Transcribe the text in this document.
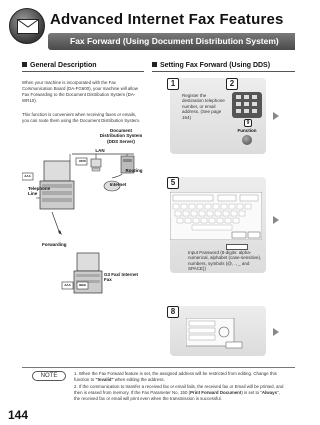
Advanced Internet Fax Features
Fax Forward (Using Document Distribution System)
General Description
When your machine is incorporated with the Fax Communication Board (DA-FG600), your machine will allow Fax Forwarding to the Document Distribution System (DA-WR10).
This function is convenient when receiving faxes or emails, you can route them using the Document Distribution System.
Document Distribution System (DDS Server)
LAN
Routing
Internet
Telephone Line
Forwarding
G3 Fax/ Internet Fax
DDD
AAA
AAA	BBB
Setting Fax Forward (Using DDS)
1	2
Register the destination telephone number, or email address. (See page 164)
9
Function
5
Input Password (8-digits: alpha-numerical, alphabet (case-sensitive), numbers, symbols (@, ., _ and SPACE))
8
NOTE	1. When the Fax Forward feature is set, the assigned address will be restricted from editing. Change this function to "Invalid" when editing the address.
2. If the communication to transfer a received fax or email fails, the received fax or Email will be printed, and then is erased from memory. If the Fax Parameter No. 150 (Print Forward Document) is set to "Always", the received fax or email will print even when the transmission is successful.
144
